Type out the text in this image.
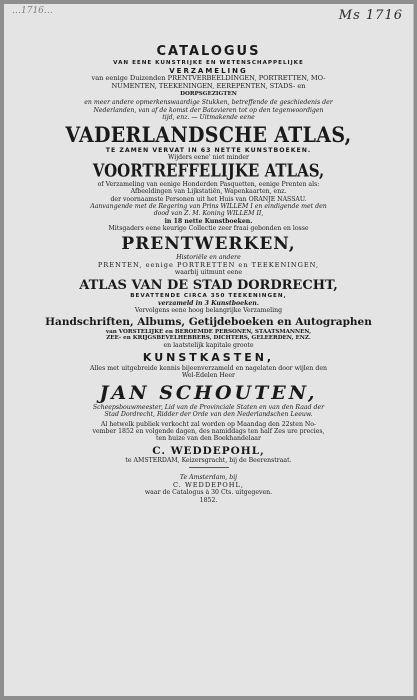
…1716…	Ms 1716

CATALOGUS

VAN EENE KUNSTRIJKE EN WETENSCHAPPELIJKE

VERZAMELING

van eenige Duizenden PRENTVERBEELDINGEN, PORTRETTEN, MO-

NUMENTEN, TEEKENINGEN, EEREPENTEN, STADS- en

DORPSGEZIGTEN

en meer andere opmerkenswaardige Stukken, betreffende de geschiedenis der

Nederlanden, van af de komst der Batavieren tot op den tegenwoordigen

tijd, enz. — Uitmakende eene

VADERLANDSCHE ATLAS,

TE ZAMEN VERVAT IN 63 NETTE KUNSTBOEKEN.

Wijders eene' niet minder

VOORTREFFELIJKE ATLAS,

of Verzameling van eenige Honderden Pasquetten, eenige Prenten als:

Afbeeldingen van Lijkstatiën, Wapenkaarten, enz.

der voornaamste Personen uit het Huis van ORANJE NASSAU.

Aanvangende met de Regering van Prins WILLEM I en eindigende met den

dood van Z. M. Koning WILLEM II,

in 18 nette Kunstboeken.

Mitsgaders eene keurige Collectie zeer fraai gebonden en losse

PRENTWERKEN,

Historiële en andere

PRENTEN, eenige PORTRETTEN en TEEKENINGEN,

waarbij uitmunt eene

ATLAS VAN DE STAD DORDRECHT,

BEVATTENDE CIRCA 350 TEEKENINGEN,

verzameld in 3 Kunstboeken.

Vervolgens eene hoog belangrijke Verzameling

Handschriften, Albums, Getijdeboeken en Autographen

van VORSTELIJKE en BEROEMDE PERSONEN, STAATSMANNEN,

ZEE- en KRIJGSBEVELHEBBERS, DICHTERS, GELEERDEN, ENZ.

en laatstelijk kapitale groote

KUNSTKASTEN,

Alles met uitgebreide kennis bijeenverzameld en nagelaten door wijlen den

Wel-Edelen Heer

JAN SCHOUTEN,

Scheepsbouwmeester, Lid van de Provinciale Staten en van den Raad der

Stad Dordrecht, Ridder der Orde van den Nederlandschen Leeuw.

Al hetwelk publiek verkocht zal worden op Maandag den 22sten No-

vember 1852 en volgende dagen, des namiddags ten half Zes ure precies,

ten huize van den Boekhandelaar

C. WEDDEPOHL,

te AMSTERDAM, Keizersgracht, bij de Beerenstraat.

Te Amsterdam, bij

C. WEDDEPOHL,

waar de Catalogus à 30 Cts. uitgegeven.

1852.
